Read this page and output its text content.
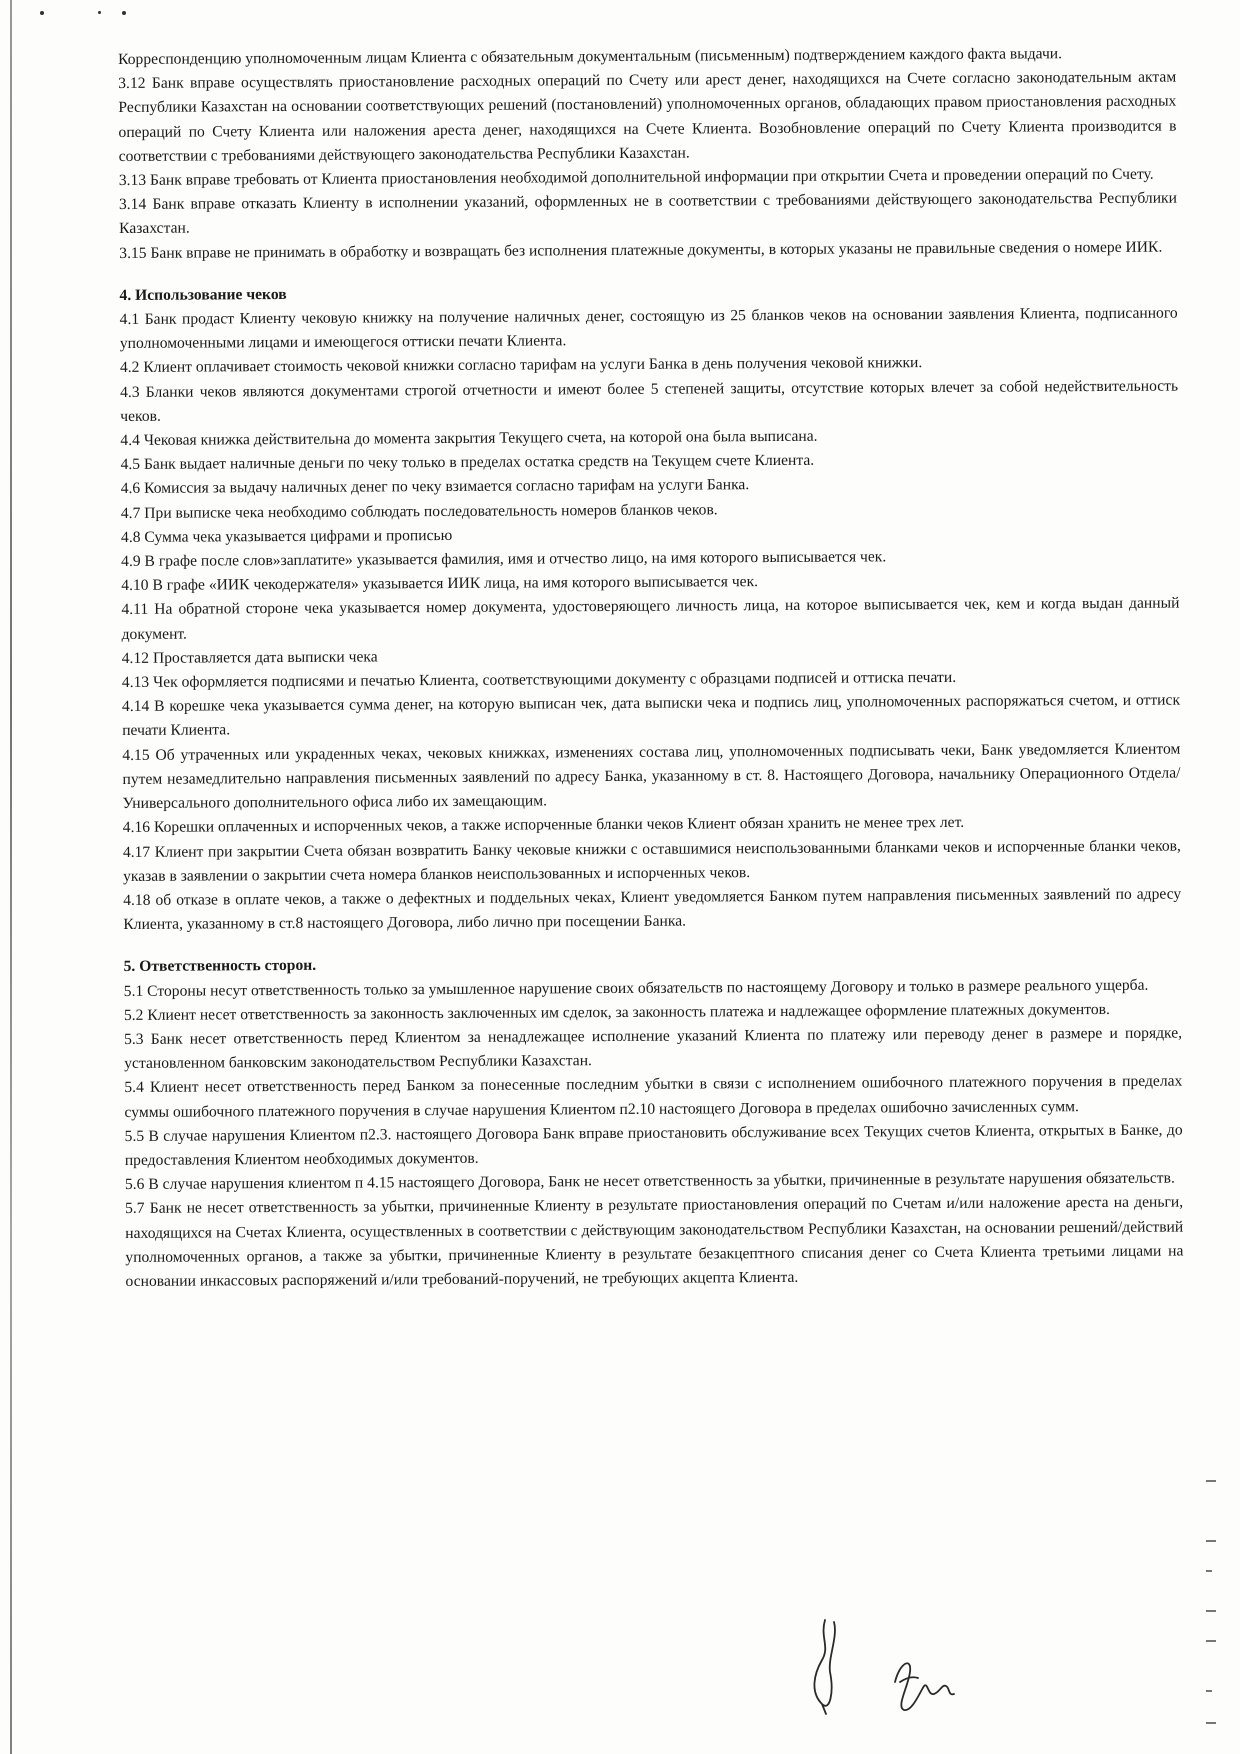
Корреспонденцию уполномоченным лицам Клиента с обязательным документальным (письменным) подтверждением каждого факта выдачи.

3.12 Банк вправе осуществлять приостановление расходных операций по Счету или арест денег, находящихся на Счете согласно законодательным актам Республики Казахстан на основании соответствующих решений (постановлений) уполномоченных органов, обладающих правом приостановления расходных операций по Счету Клиента или наложения ареста денег, находящихся на Счете Клиента. Возобновление операций по Счету Клиента производится в соответствии с требованиями действующего законодательства Республики Казахстан.

3.13 Банк вправе требовать от Клиента приостановления необходимой дополнительной информации при открытии Счета и проведении операций по Счету.

3.14 Банк вправе отказать Клиенту в исполнении указаний, оформленных не в соответствии с требованиями действующего законодательства Республики Казахстан.

3.15 Банк вправе не принимать в обработку и возвращать без исполнения платежные документы, в которых указаны не правильные сведения о номере ИИК.

4. Использование чеков

4.1 Банк продаст Клиенту чековую книжку на получение наличных денег, состоящую из 25 бланков чеков на основании заявления Клиента, подписанного уполномоченными лицами и имеющегося оттиски печати Клиента.

4.2 Клиент оплачивает стоимость чековой книжки согласно тарифам на услуги Банка в день получения чековой книжки.

4.3 Бланки чеков являются документами строгой отчетности и имеют более 5 степеней защиты, отсутствие которых влечет за собой недействительность чеков.

4.4 Чековая книжка действительна до момента закрытия Текущего счета, на которой она была выписана.

4.5 Банк выдает наличные деньги по чеку только в пределах остатка средств на Текущем счете Клиента.

4.6 Комиссия за выдачу наличных денег по чеку взимается согласно тарифам на услуги Банка.

4.7 При выписке чека необходимо соблюдать последовательность номеров бланков чеков.

4.8 Сумма чека указывается цифрами и прописью

4.9 В графе после слов»заплатите» указывается фамилия, имя и отчество лицо, на имя которого выписывается чек.

4.10 В графе «ИИК чекодержателя» указывается ИИК лица, на имя которого выписывается чек.

4.11 На обратной стороне чека указывается номер документа, удостоверяющего личность лица, на которое выписывается чек, кем и когда выдан данный документ.

4.12 Проставляется дата выписки чека

4.13 Чек оформляется подписями и печатью Клиента, соответствующими документу с образцами подписей и оттиска печати.

4.14 В корешке чека указывается сумма денег, на которую выписан чек, дата выписки чека и подпись лиц, уполномоченных распоряжаться счетом, и оттиск печати Клиента.

4.15 Об утраченных или украденных чеках, чековых книжках, изменениях состава лиц, уполномоченных подписывать чеки, Банк уведомляется Клиентом путем незамедлительно направления письменных заявлений по адресу Банка, указанному в ст. 8. Настоящего Договора, начальнику Операционного Отдела/Универсального дополнительного офиса либо их замещающим.

4.16 Корешки оплаченных и испорченных чеков, а также испорченные бланки чеков Клиент обязан хранить не менее трех лет.

4.17 Клиент при закрытии Счета обязан возвратить Банку чековые книжки с оставшимися неиспользованными бланками чеков и испорченные бланки чеков, указав в заявлении о закрытии счета номера бланков неиспользованных и испорченных чеков.

4.18 об отказе в оплате чеков, а также о дефектных и поддельных чеках, Клиент уведомляется Банком путем направления письменных заявлений по адресу Клиента, указанному в ст.8 настоящего Договора, либо лично при посещении Банка.

5. Ответственность сторон.

5.1 Стороны несут ответственность только за умышленное нарушение своих обязательств по настоящему Договору и только в размере реального ущерба.

5.2 Клиент несет ответственность за законность заключенных им сделок, за законность платежа и надлежащее оформление платежных документов.

5.3 Банк несет ответственность перед Клиентом за ненадлежащее исполнение указаний Клиента по платежу или переводу денег в размере и порядке, установленном банковским законодательством Республики Казахстан.

5.4 Клиент несет ответственность перед Банком за понесенные последним убытки в связи с исполнением ошибочного платежного поручения в пределах суммы ошибочного платежного поручения в случае нарушения Клиентом п2.10 настоящего Договора в пределах ошибочно зачисленных сумм.

5.5 В случае нарушения Клиентом п2.3. настоящего Договора Банк вправе приостановить обслуживание всех Текущих счетов Клиента, открытых в Банке, до предоставления Клиентом необходимых документов.

5.6 В случае нарушения клиентом п 4.15 настоящего Договора, Банк не несет ответственность за убытки, причиненные в результате нарушения обязательств.

5.7 Банк не несет ответственность за убытки, причиненные Клиенту в результате приостановления операций по Счетам и/или наложение ареста на деньги, находящихся на Счетах Клиента, осуществленных в соответствии с действующим законодательством Республики Казахстан, на основании решений/действий уполномоченных органов, а также за убытки, причиненные Клиенту в результате безакцептного списания денег со Счета Клиента третьими лицами на основании инкассовых распоряжений и/или требований-поручений, не требующих акцепта Клиента.
